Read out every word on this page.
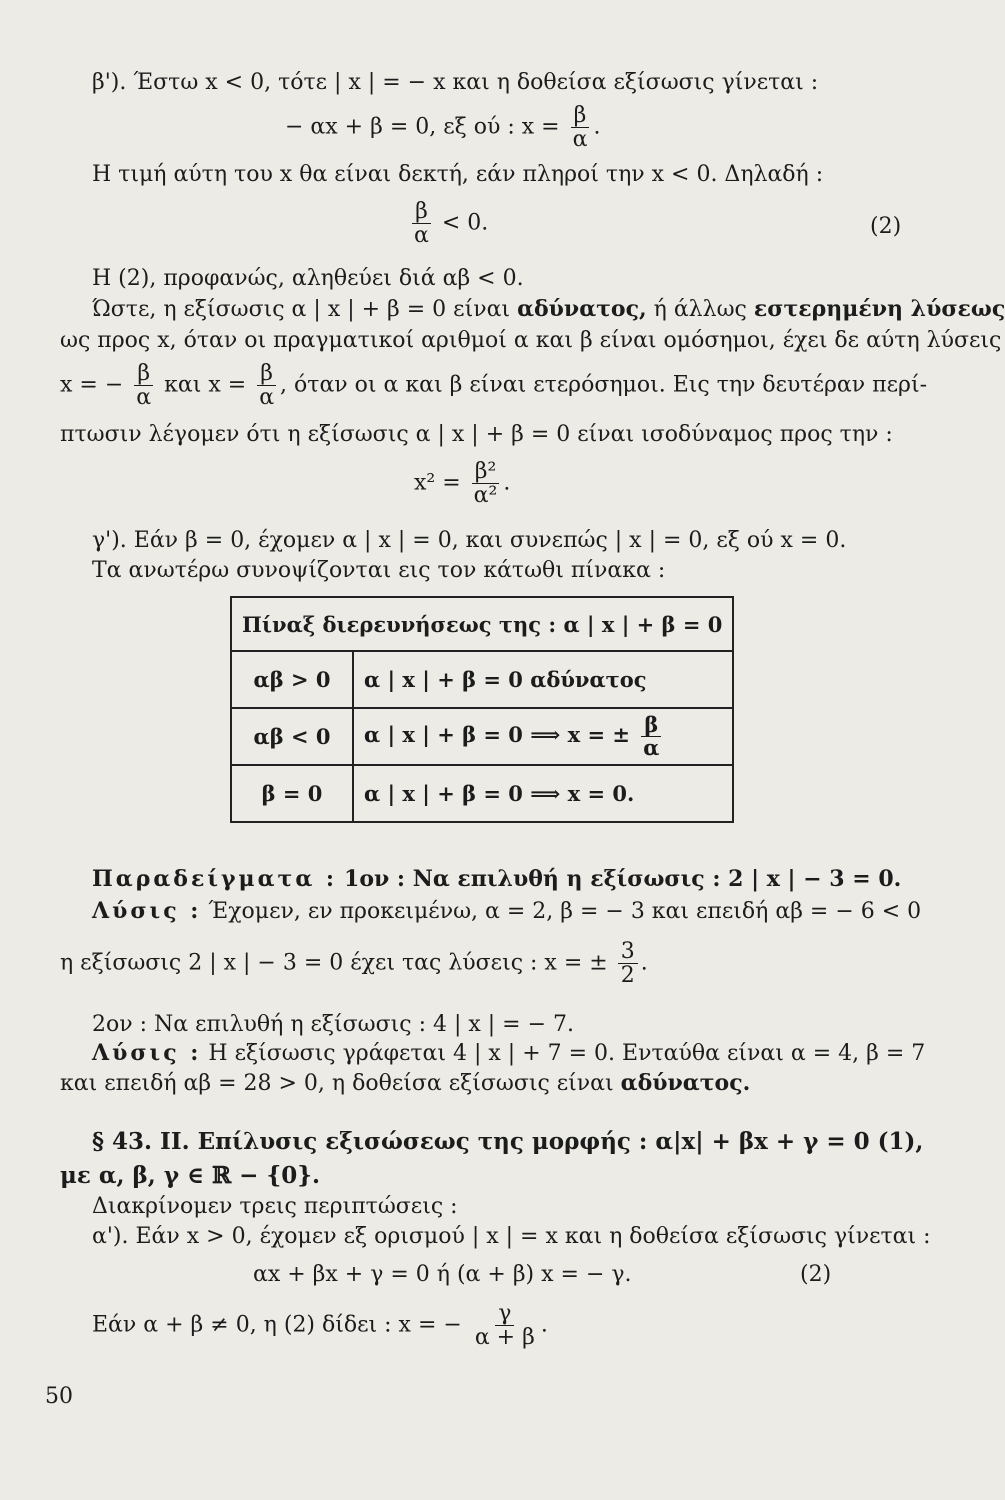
β'). Έστω x < 0, τότε | x | = − x και η δοθείσα εξίσωσις γίνεται :
− αx + β = 0, εξ ού : $x = \frac{\beta}{\alpha}$ .
Η τιμή αύτη του x θα είναι δεκτή, εάν πληροί την x < 0. Δηλαδή :
$\frac{\beta}{\alpha} < 0$.	(2)
Η (2), προφανώς, αληθεύει διά αβ < 0.
Ώστε, η εξίσωσις α | x | + β = 0 είναι αδύνατος, ή άλλως εστερημένη λύσεως
ως προς x, όταν οι πραγματικοί αριθμοί α και β είναι ομόσημοι, έχει δε αύτη λύσεις
x = − $\frac{\beta}{\alpha}$ και $x = \frac{\beta}{\alpha}$ , όταν οι α και β είναι ετερόσημοι. Εις την δευτέραν περί-
πτωσιν λέγομεν ότι η εξίσωσις α | x | + β = 0 είναι ισοδύναμος προς την :
$x^2 = \frac{\text{β²}}{\text{α²}}$ .
γ'). Εάν β = 0, έχομεν α | x | = 0, και συνεπώς | x | = 0, εξ ού x = 0.
Τα ανωτέρω συνοψίζονται εις τον κάτωθι πίνακα :
Πίναξ διερευνήσεως της : α | x | + β = 0	
αβ > 0	α | x | + β = 0 αδύνατος
αβ < 0	α | x | + β = 0 ⟹ x = ± $\frac{\beta}{\alpha}$

β = 0	α | x | + β = 0 ⟹ x = 0.
Παραδείγματα : 1ον : Να επιλυθή η εξίσωσις : 2 | x | − 3 = 0.
Λύσις : Έχομεν, εν προκειμένω, α = 2, β = − 3 και επειδή αβ = − 6 < 0
η εξίσωσις 2 | x | − 3 = 0 έχει τας λύσεις : x = ± $\frac{3}{2}$ .
2ον : Να επιλυθή η εξίσωσις : 4 | x | = − 7.
Λύσις : Η εξίσωσις γράφεται 4 | x | + 7 = 0. Ενταύθα είναι α = 4, β = 7
και επειδή αβ = 28 > 0, η δοθείσα εξίσωσις είναι αδύνατος.
§ 43. ΙΙ. Επίλυσις εξισώσεως της μορφής : α|x| + βx + γ = 0 (1),
με α, β, γ ∈ ℝ − {0}.
Διακρίνομεν τρεις περιπτώσεις :
α'). Εάν x > 0, έχομεν εξ ορισμού | x | = x και η δοθείσα εξίσωσις γίνεται :
αx + βx + γ = 0 ή (α + β) x = − γ.	(2)
Εάν α + β ≠ 0, η (2) δίδει : x = − $\frac{\gamma}{\alpha + \beta}$ .
50
